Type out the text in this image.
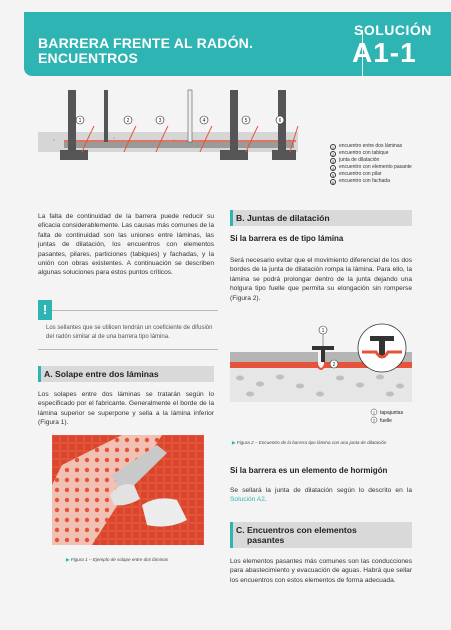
BARRERA FRENTE AL RADÓN.
ENCUENTROS
SOLUCIÓN
A1-1
1	2	3	4	5	6
1 encuentro entre dos láminas
2 encuentro con tabique
3 junta de dilatación
4 encuentro con elemento pasante
5 encuentro con pilar
6 encuentro con fachada
La falta de continuidad de la barrera puede reducir su eficacia considerablemente. Las causas más comunes de la falta de continuidad son las uniones entre láminas, las juntas de dilatación, los encuentros con elementos pasantes, pilares, particiones (tabiques) y fachadas, y la unión con obras existentes. A continuación se describen algunas soluciones para estos puntos críticos.
!
Los sellantes que se utilicen tendrán un coeficiente de difusión del radón similar al de una barrera tipo lámina.
A. Solape entre dos láminas
Los solapes entre dos láminas se tratarán según lo especificado por el fabricante. Generalmente el borde de la lámina superior se superpone y sella a la lámina inferior (Figura 1).
▶ Figura 1 – Ejemplo de solape entre dos láminas
B. Juntas de dilatación
Si la barrera es de tipo lámina
Será necesario evitar que el movimiento diferencial de los dos bordes de la junta de dilatación rompa la lámina. Para ello, la lámina se podrá prolongar dentro de la junta dejando una holgura tipo fuelle que permita su elongación sin romperse (Figura 2).
1
2
1 tapajuntas
2 fuelle
▶ Figura 2 – Encuentro de la barrera tipo lámina con una junta de dilatación
Si la barrera es un elemento de hormigón
Se sellará la junta de dilatación según lo descrito en la Solución A2.
C. Encuentros con elementos
pasantes
Los elementos pasantes más comunes son las conducciones para abastecimiento y evacuación de aguas. Habrá que sellar los encuentros con estos elementos de forma adecuada.
